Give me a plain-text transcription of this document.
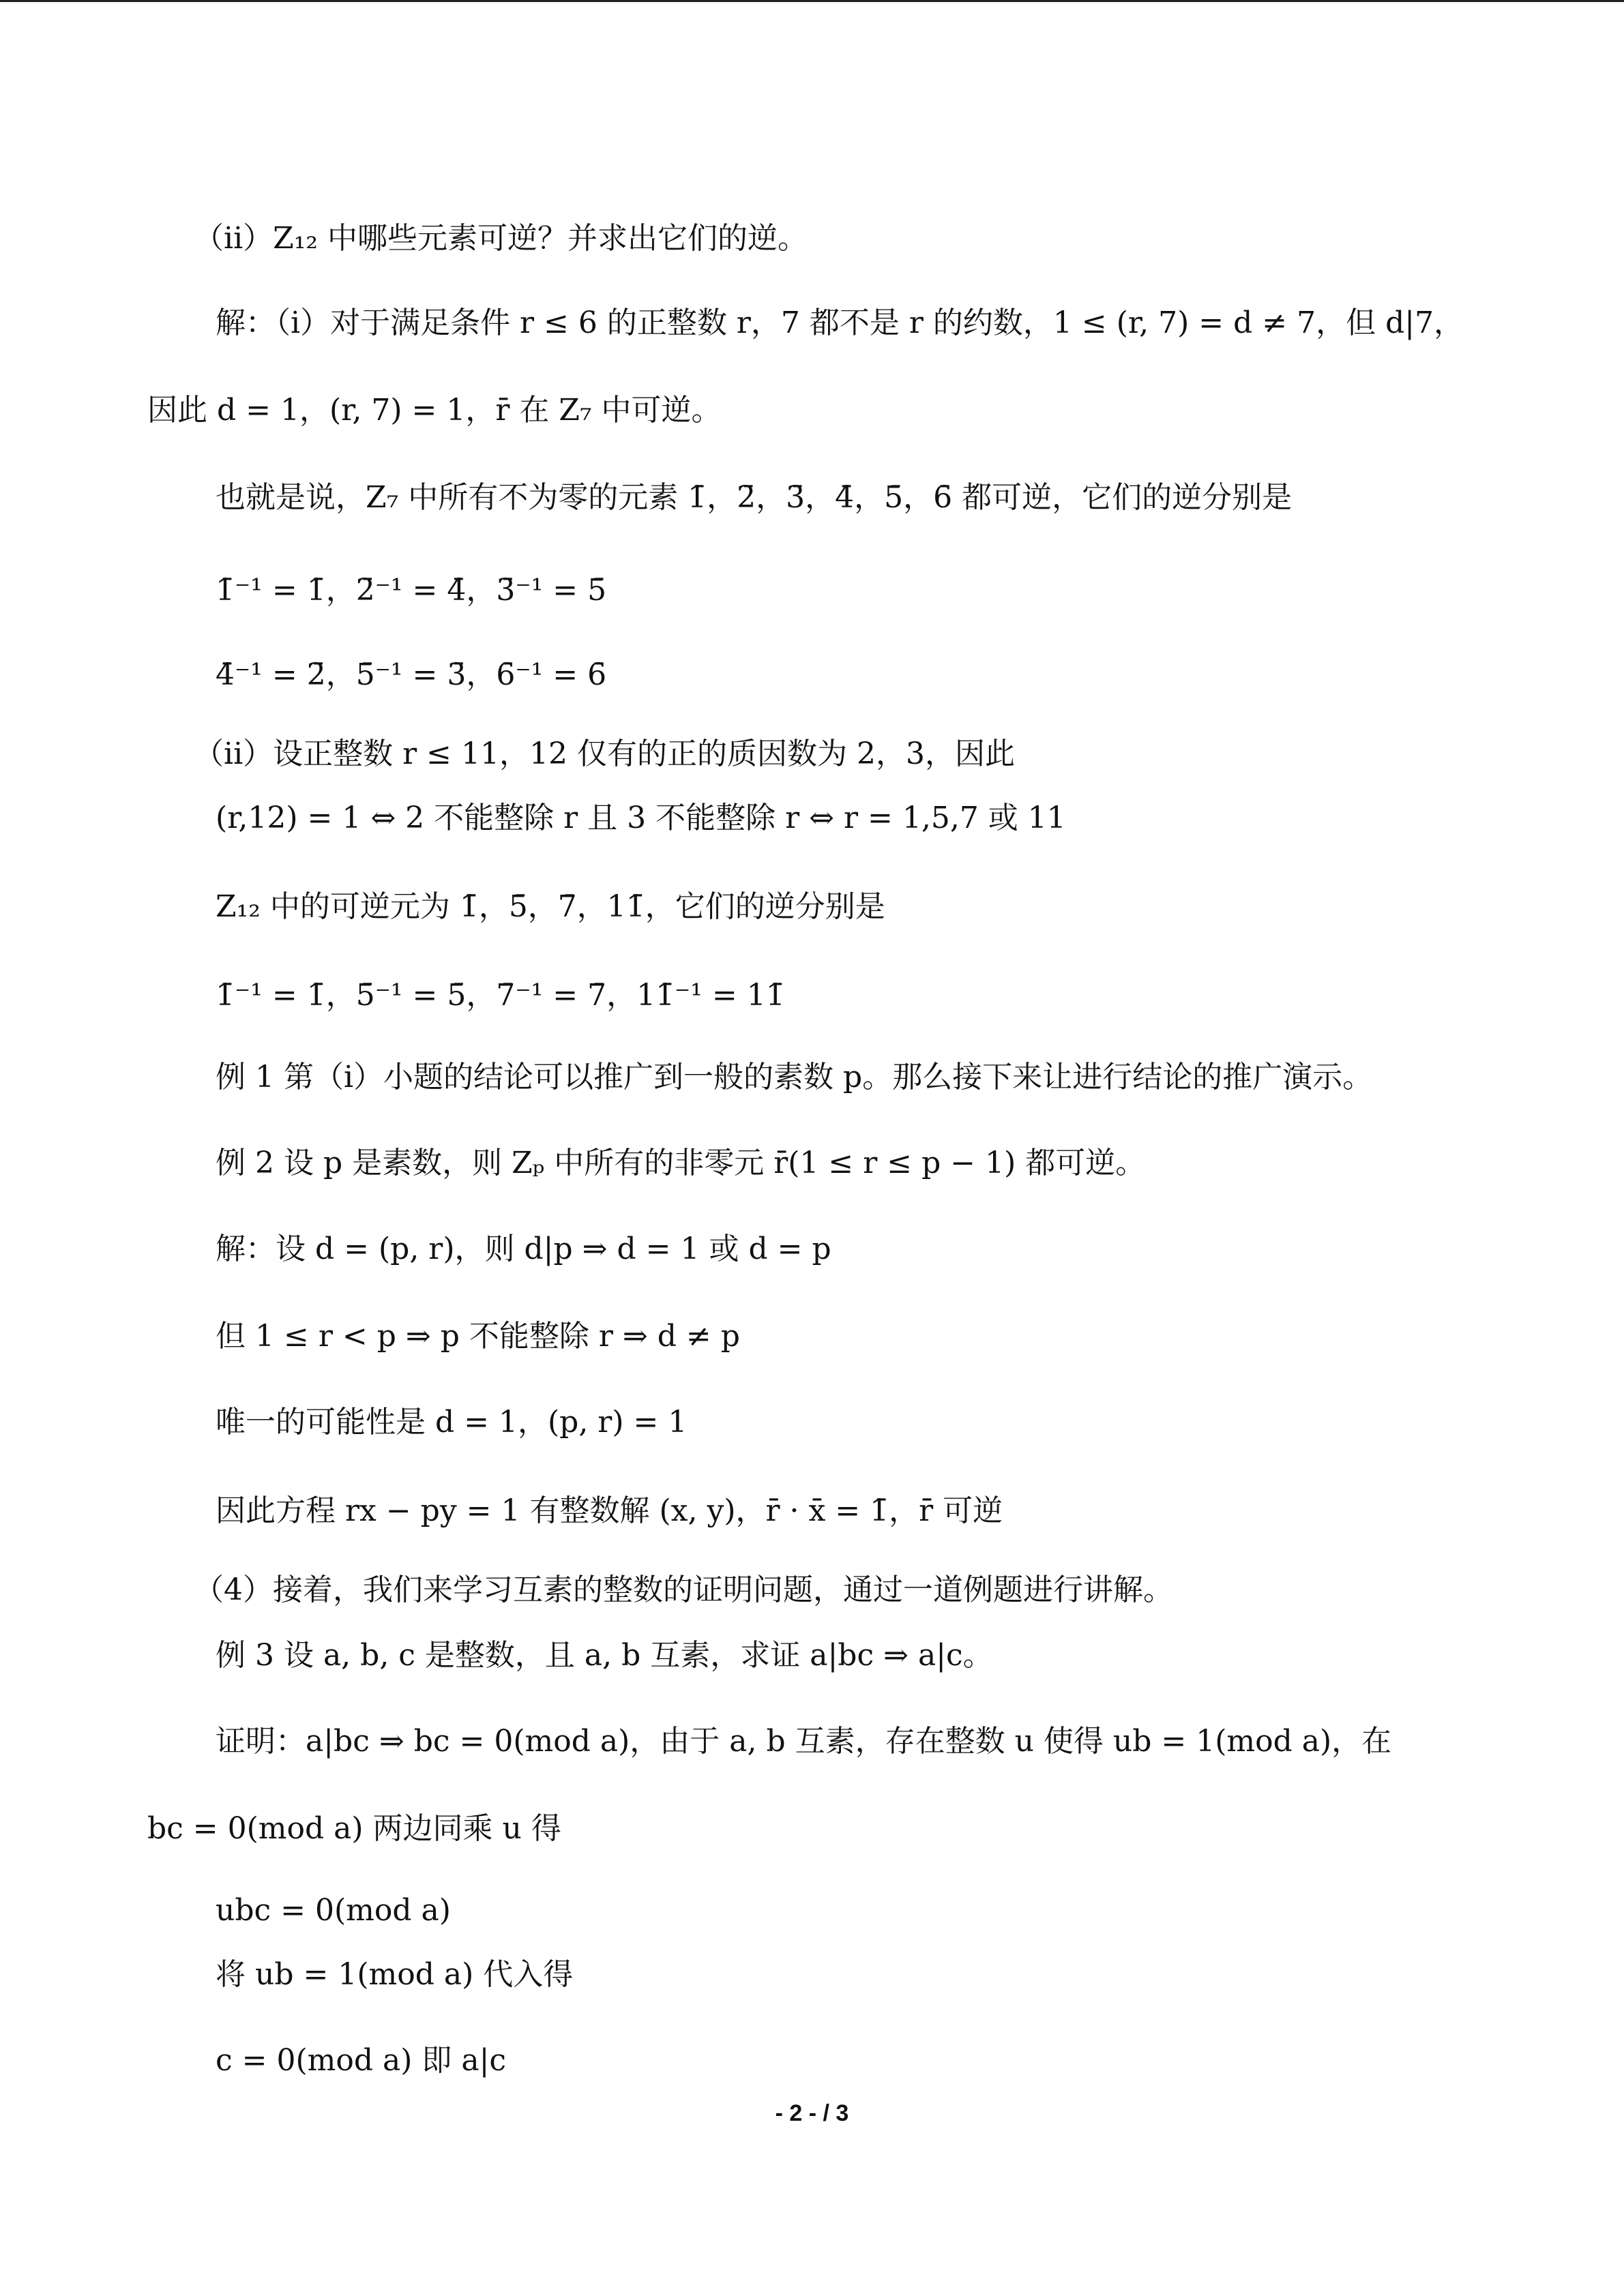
（ii）Z₁₂ 中哪些元素可逆？并求出它们的逆。
解：（i）对于满足条件 r ≤ 6 的正整数 r，7 都不是 r 的约数，1 ≤ (r, 7) = d ≠ 7，但 d|7，
因此 d = 1，(r, 7) = 1，r̄ 在 Z₇ 中可逆。
也就是说，Z₇ 中所有不为零的元素 1̄，2̄，3̄，4̄，5̄，6̄ 都可逆，它们的逆分别是
1̄⁻¹ = 1̄，2̄⁻¹ = 4̄，3̄⁻¹ = 5̄
4̄⁻¹ = 2̄，5̄⁻¹ = 3̄，6̄⁻¹ = 6̄
（ii）设正整数 r ≤ 11，12 仅有的正的质因数为 2，3，因此
(r,12) = 1 ⇔ 2 不能整除 r 且 3 不能整除 r ⇔ r = 1,5,7 或 11
Z₁₂ 中的可逆元为 1̄，5̄，7̄，11̄，它们的逆分别是
1̄⁻¹ = 1̄，5̄⁻¹ = 5̄，7̄⁻¹ = 7̄，11̄⁻¹ = 11̄
例 1 第（i）小题的结论可以推广到一般的素数 p。那么接下来让进行结论的推广演示。
例 2 设 p 是素数，则 Zₚ 中所有的非零元 r̄(1 ≤ r ≤ p − 1) 都可逆。
解：设 d = (p, r)，则 d|p ⇒ d = 1 或 d = p
但 1 ≤ r < p ⇒ p 不能整除 r ⇒ d ≠ p
唯一的可能性是 d = 1，(p, r) = 1
因此方程 rx − py = 1 有整数解 (x, y)，r̄ · x̄ = 1̄，r̄ 可逆
（4）接着，我们来学习互素的整数的证明问题，通过一道例题进行讲解。
例 3 设 a, b, c 是整数，且 a, b 互素，求证 a|bc ⇒ a|c。
证明：a|bc ⇒ bc = 0(mod a)，由于 a, b 互素，存在整数 u 使得 ub = 1(mod a)，在
bc = 0(mod a) 两边同乘 u 得
ubc = 0(mod a)
将 ub = 1(mod a) 代入得
c = 0(mod a) 即 a|c
- 2 - / 3
